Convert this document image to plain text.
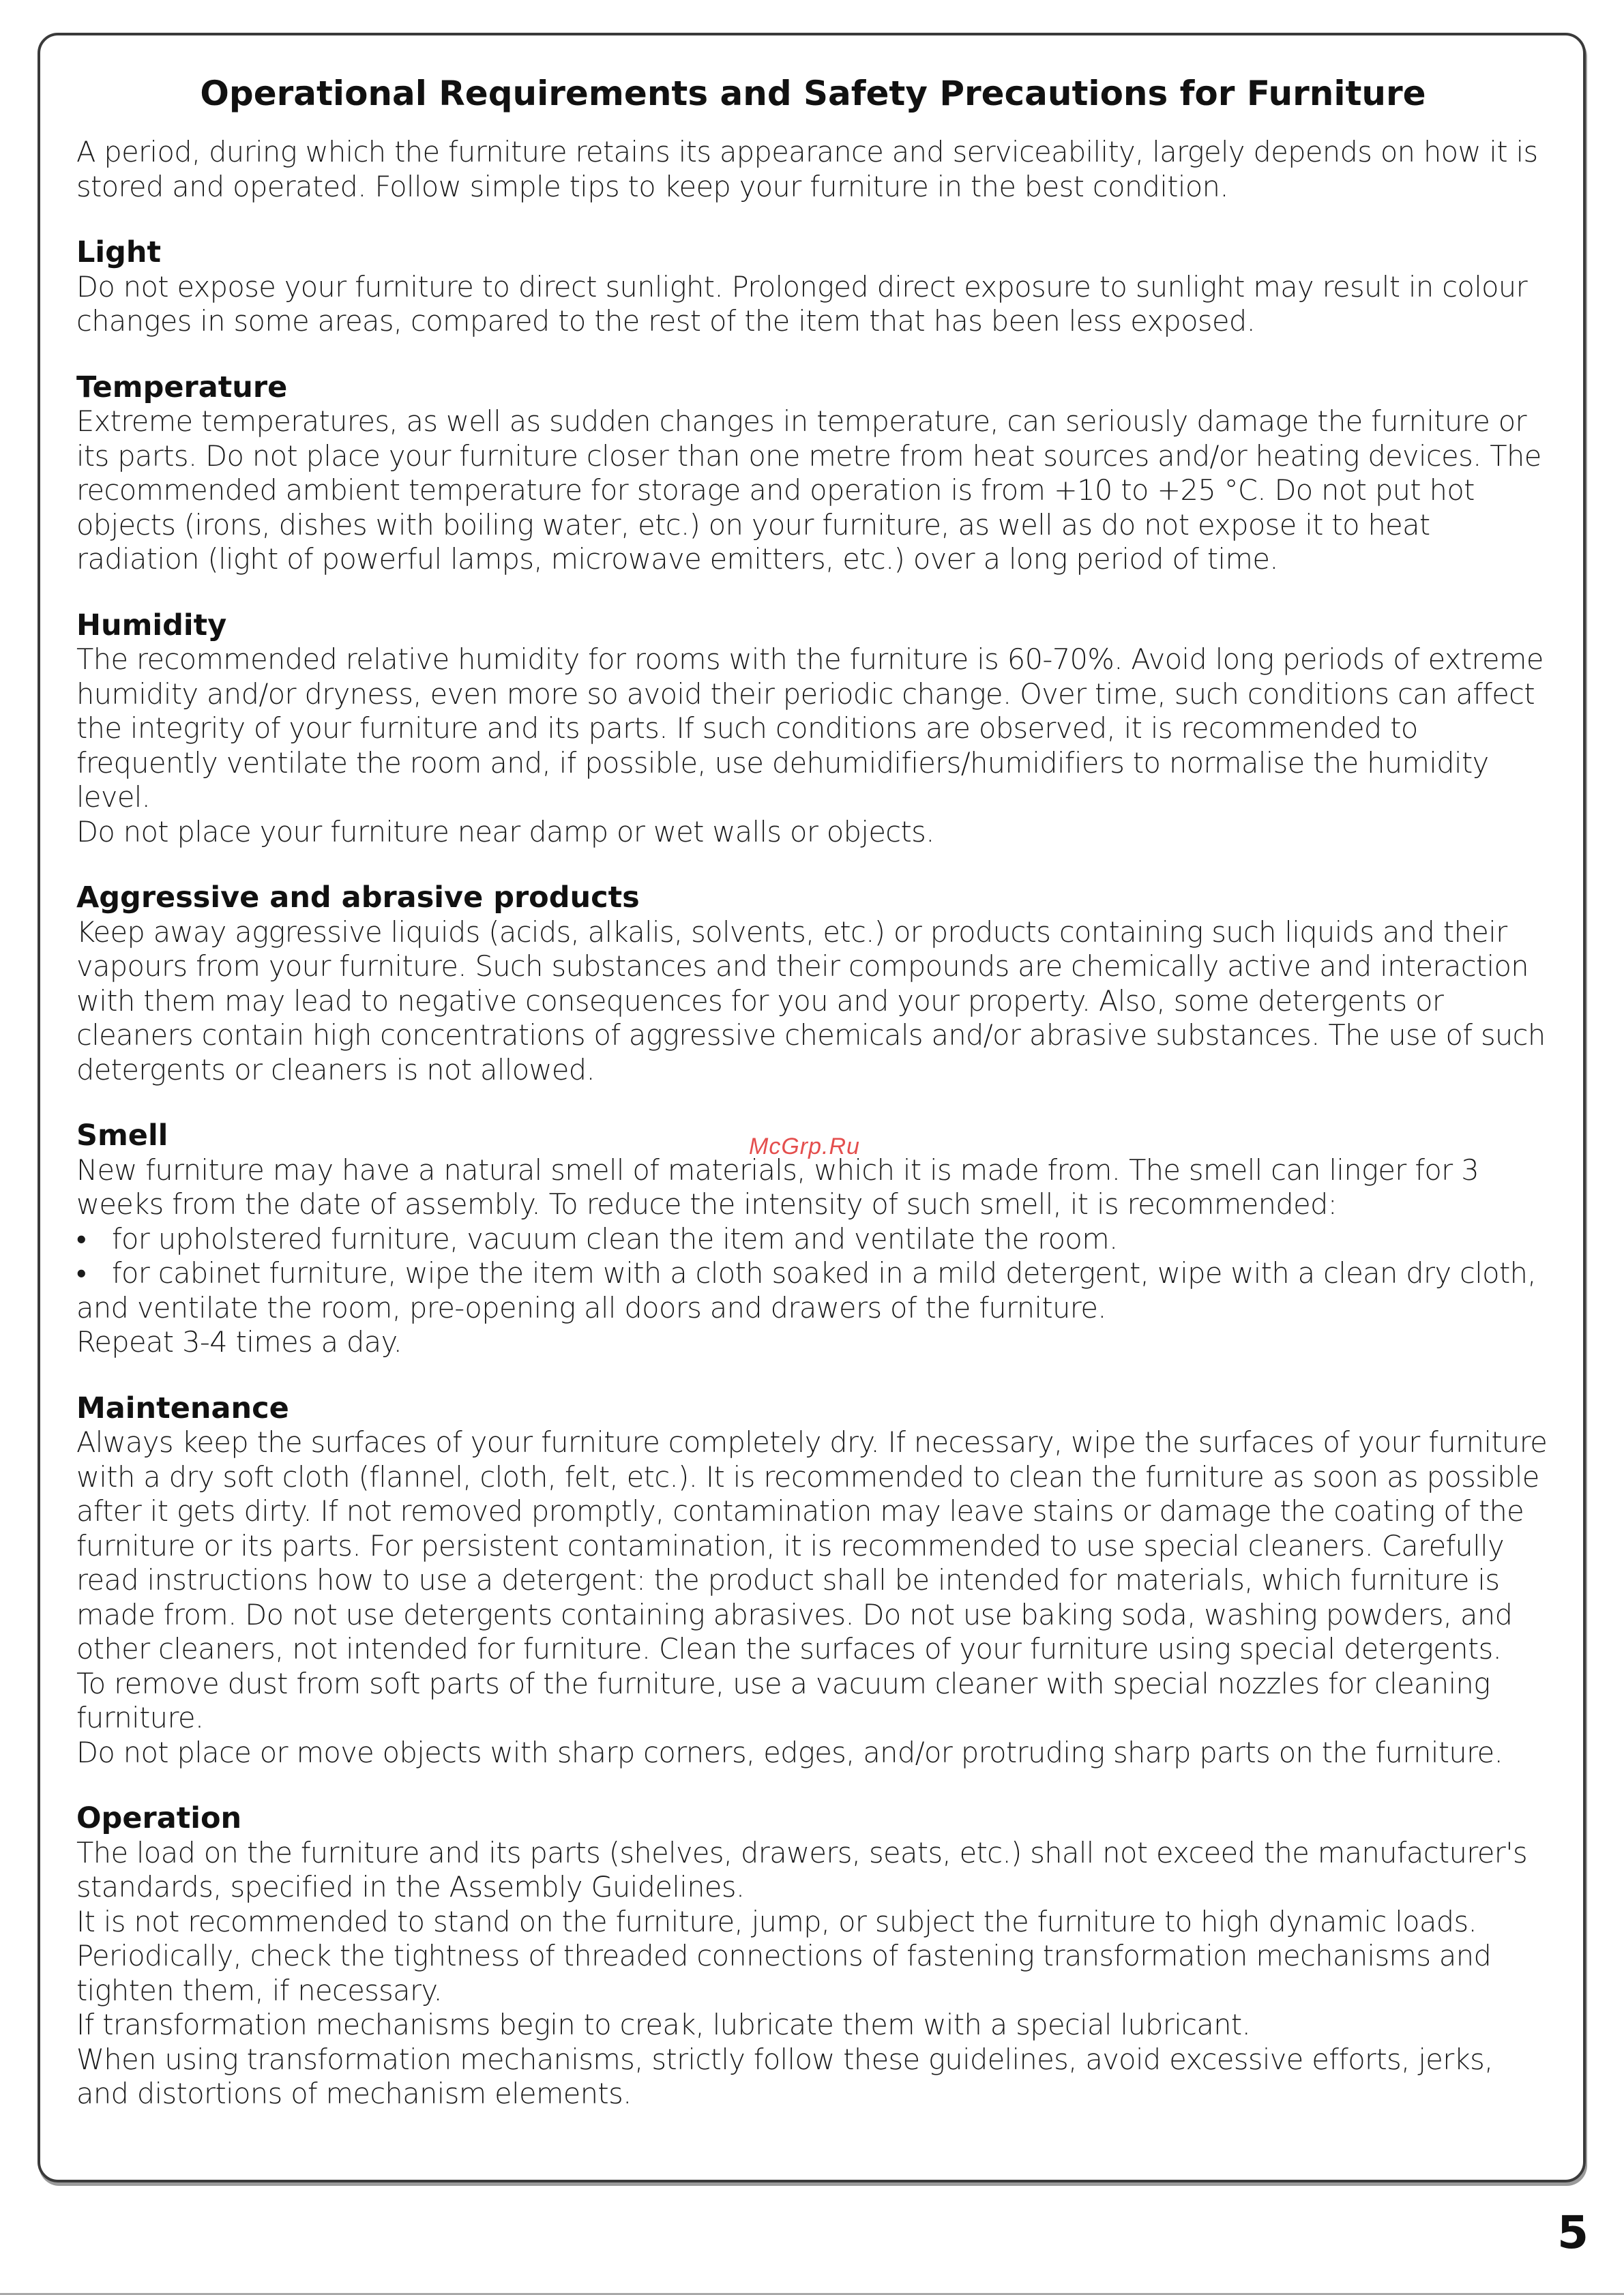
Operational Requirements and Safety Precautions for Furniture

A period, during which the furniture retains its appearance and serviceability, largely depends on how it is stored and operated. Follow simple tips to keep your furniture in the best condition.

Light

Do not expose your furniture to direct sunlight. Prolonged direct exposure to sunlight may result in colour changes in some areas, compared to the rest of the item that has been less exposed.

Temperature

Extreme temperatures, as well as sudden changes in temperature, can seriously damage the furniture or its parts. Do not place your furniture closer than one metre from heat sources and/or heating devices. The recommended ambient temperature for storage and operation is from +10 to +25 °C. Do not put hot objects (irons, dishes with boiling water, etc.) on your furniture, as well as do not expose it to heat radiation (light of powerful lamps, microwave emitters, etc.) over a long period of time.

Humidity

The recommended relative humidity for rooms with the furniture is 60-70%. Avoid long periods of extreme humidity and/or dryness, even more so avoid their periodic change. Over time, such conditions can affect the integrity of your furniture and its parts. If such conditions are observed, it is recommended to frequently ventilate the room and, if possible, use dehumidifiers/humidifiers to normalise the humidity level.

Do not place your furniture near damp or wet walls or objects.

Aggressive and abrasive products

Keep away aggressive liquids (acids, alkalis, solvents, etc.) or products containing such liquids and their vapours from your furniture. Such substances and their compounds are chemically active and interaction with them may lead to negative consequences for you and your property. Also, some detergents or cleaners contain high concentrations of aggressive chemicals and/or abrasive substances. The use of such detergents or cleaners is not allowed.

Smell

New furniture may have a natural smell of materials, which it is made from. The smell can linger for 3 weeks from the date of assembly. To reduce the intensity of such smell, it is recommended:

• for upholstered furniture, vacuum clean the item and ventilate the room.

• for cabinet furniture, wipe the item with a cloth soaked in a mild detergent, wipe with a clean dry cloth, and ventilate the room, pre-opening all doors and drawers of the furniture.

Repeat 3-4 times a day.

Maintenance

Always keep the surfaces of your furniture completely dry. If necessary, wipe the surfaces of your furniture with a dry soft cloth (flannel, cloth, felt, etc.). It is recommended to clean the furniture as soon as possible after it gets dirty. If not removed promptly, contamination may leave stains or damage the coating of the furniture or its parts. For persistent contamination, it is recommended to use special cleaners. Carefully read instructions how to use a detergent: the product shall be intended for materials, which furniture is made from. Do not use detergents containing abrasives. Do not use baking soda, washing powders, and other cleaners, not intended for furniture. Clean the surfaces of your furniture using special detergents.

To remove dust from soft parts of the furniture, use a vacuum cleaner with special nozzles for cleaning furniture.

Do not place or move objects with sharp corners, edges, and/or protruding sharp parts on the furniture.

Operation

The load on the furniture and its parts (shelves, drawers, seats, etc.) shall not exceed the manufacturer's standards, specified in the Assembly Guidelines.

It is not recommended to stand on the furniture, jump, or subject the furniture to high dynamic loads.

Periodically, check the tightness of threaded connections of fastening transformation mechanisms and tighten them, if necessary.

If transformation mechanisms begin to creak, lubricate them with a special lubricant.

When using transformation mechanisms, strictly follow these guidelines, avoid excessive efforts, jerks, and distortions of mechanism elements.

McGrp.Ru
5
